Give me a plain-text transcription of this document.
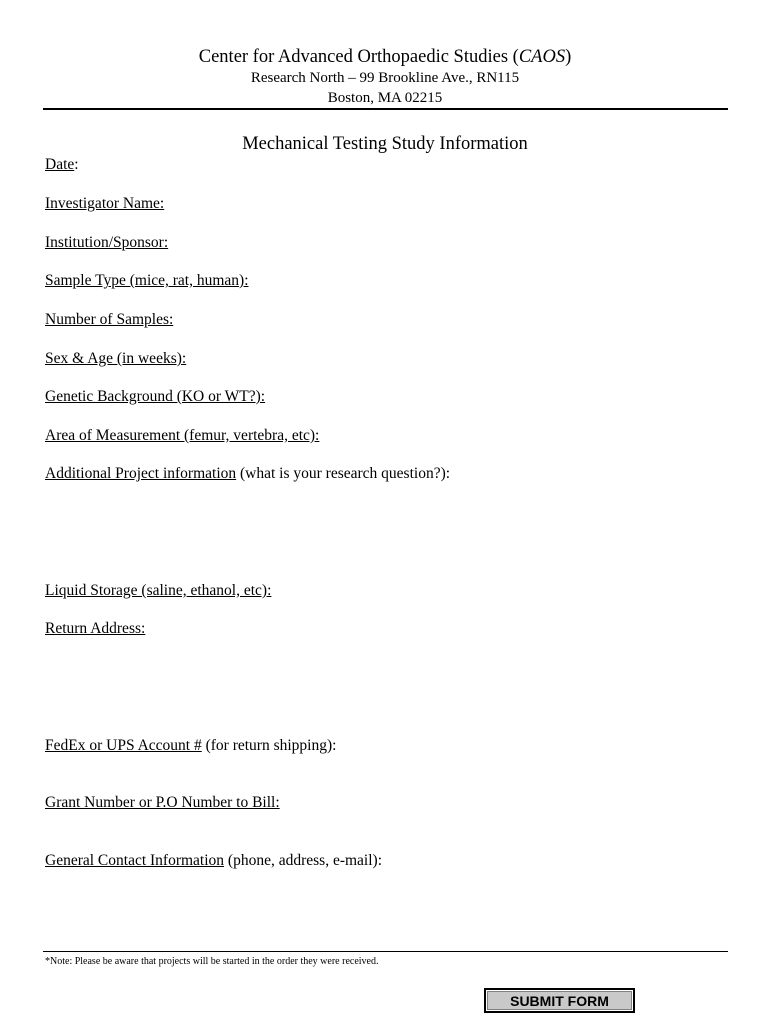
Center for Advanced Orthopaedic Studies (CAOS)
Research North – 99 Brookline Ave., RN115
Boston, MA 02215
Mechanical Testing Study Information
Date:
Investigator Name:
Institution/Sponsor:
Sample Type (mice, rat, human):
Number of Samples:
Sex & Age (in weeks):
Genetic Background (KO or WT?):
Area of Measurement (femur, vertebra, etc):
Additional Project information (what is your research question?):
Liquid Storage (saline, ethanol, etc):
Return Address:
FedEx or UPS Account # (for return shipping):
Grant Number or P.O Number to Bill:
General Contact Information (phone, address, e-mail):
*Note: Please be aware that projects will be started in the order they were received.
SUBMIT FORM
